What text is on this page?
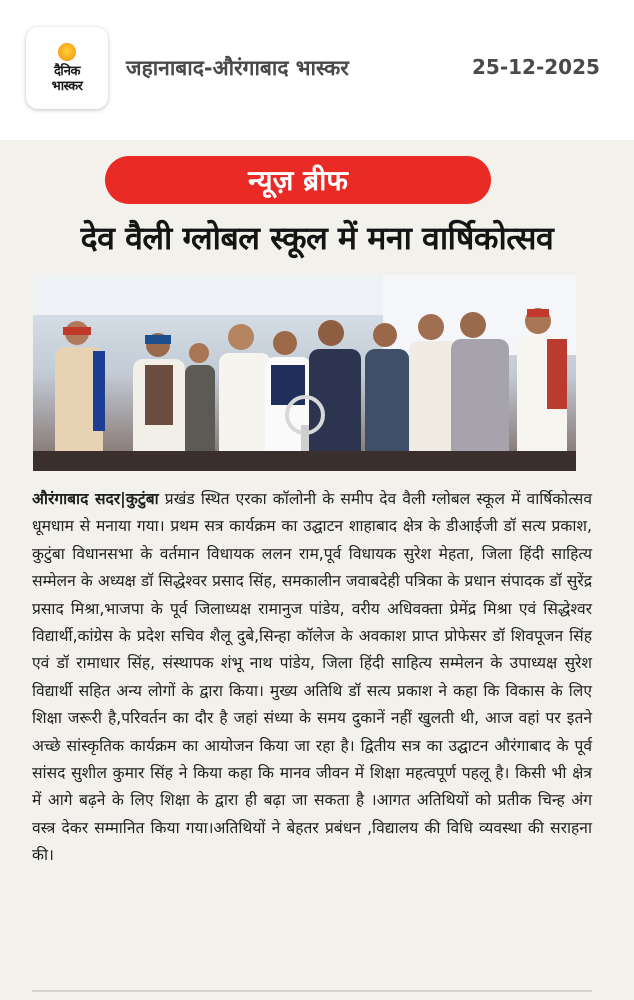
दैनिक
भास्कर
जहानाबाद-औरंगाबाद भास्कर	25-12-2025
न्यूज़ ब्रीफ
देव वैली ग्लोबल स्कूल में मना वार्षिकोत्सव
औरंगाबाद सदर|कुटुंबा प्रखंड स्थित एरका कॉलोनी के समीप देव वैली ग्लोबल स्कूल में वार्षिकोत्सव धूमधाम से मनाया गया। प्रथम सत्र कार्यक्रम का उद्घाटन शाहाबाद क्षेत्र के डीआईजी डॉ सत्य प्रकाश, कुटुंबा विधानसभा के वर्तमान विधायक ललन राम,पूर्व विधायक सुरेश मेहता, जिला हिंदी साहित्य सम्मेलन के अध्यक्ष डॉ सिद्धेश्वर प्रसाद सिंह, समकालीन जवाबदेही पत्रिका के प्रधान संपादक डॉ सुरेंद्र प्रसाद मिश्रा,भाजपा के पूर्व जिलाध्यक्ष रामानुज पांडेय, वरीय अधिवक्ता प्रेमेंद्र मिश्रा एवं सिद्धेश्वर विद्यार्थी,कांग्रेस के प्रदेश सचिव शैलू दुबे,सिन्हा कॉलेज के अवकाश प्राप्त प्रोफेसर डॉ शिवपूजन सिंह एवं डॉ रामाधार सिंह, संस्थापक शंभू नाथ पांडेय, जिला हिंदी साहित्य सम्मेलन के उपाध्यक्ष सुरेश विद्यार्थी सहित अन्य लोगों के द्वारा किया। मुख्य अतिथि डॉ सत्य प्रकाश ने कहा कि विकास के लिए शिक्षा जरूरी है,परिवर्तन का दौर है जहां संध्या के समय दुकानें नहीं खुलती थी, आज वहां पर इतने अच्छे सांस्कृतिक कार्यक्रम का आयोजन किया जा रहा है। द्वितीय सत्र का उद्घाटन औरंगाबाद के पूर्व सांसद सुशील कुमार सिंह ने किया कहा कि मानव जीवन में शिक्षा महत्वपूर्ण पहलू है। किसी भी क्षेत्र में आगे बढ़ने के लिए शिक्षा के द्वारा ही बढ़ा जा सकता है ।आगत अतिथियों को प्रतीक चिन्ह अंग वस्त्र देकर सम्मानित किया गया।अतिथियों ने बेहतर प्रबंधन ,विद्यालय की विधि व्यवस्था की सराहना की।
